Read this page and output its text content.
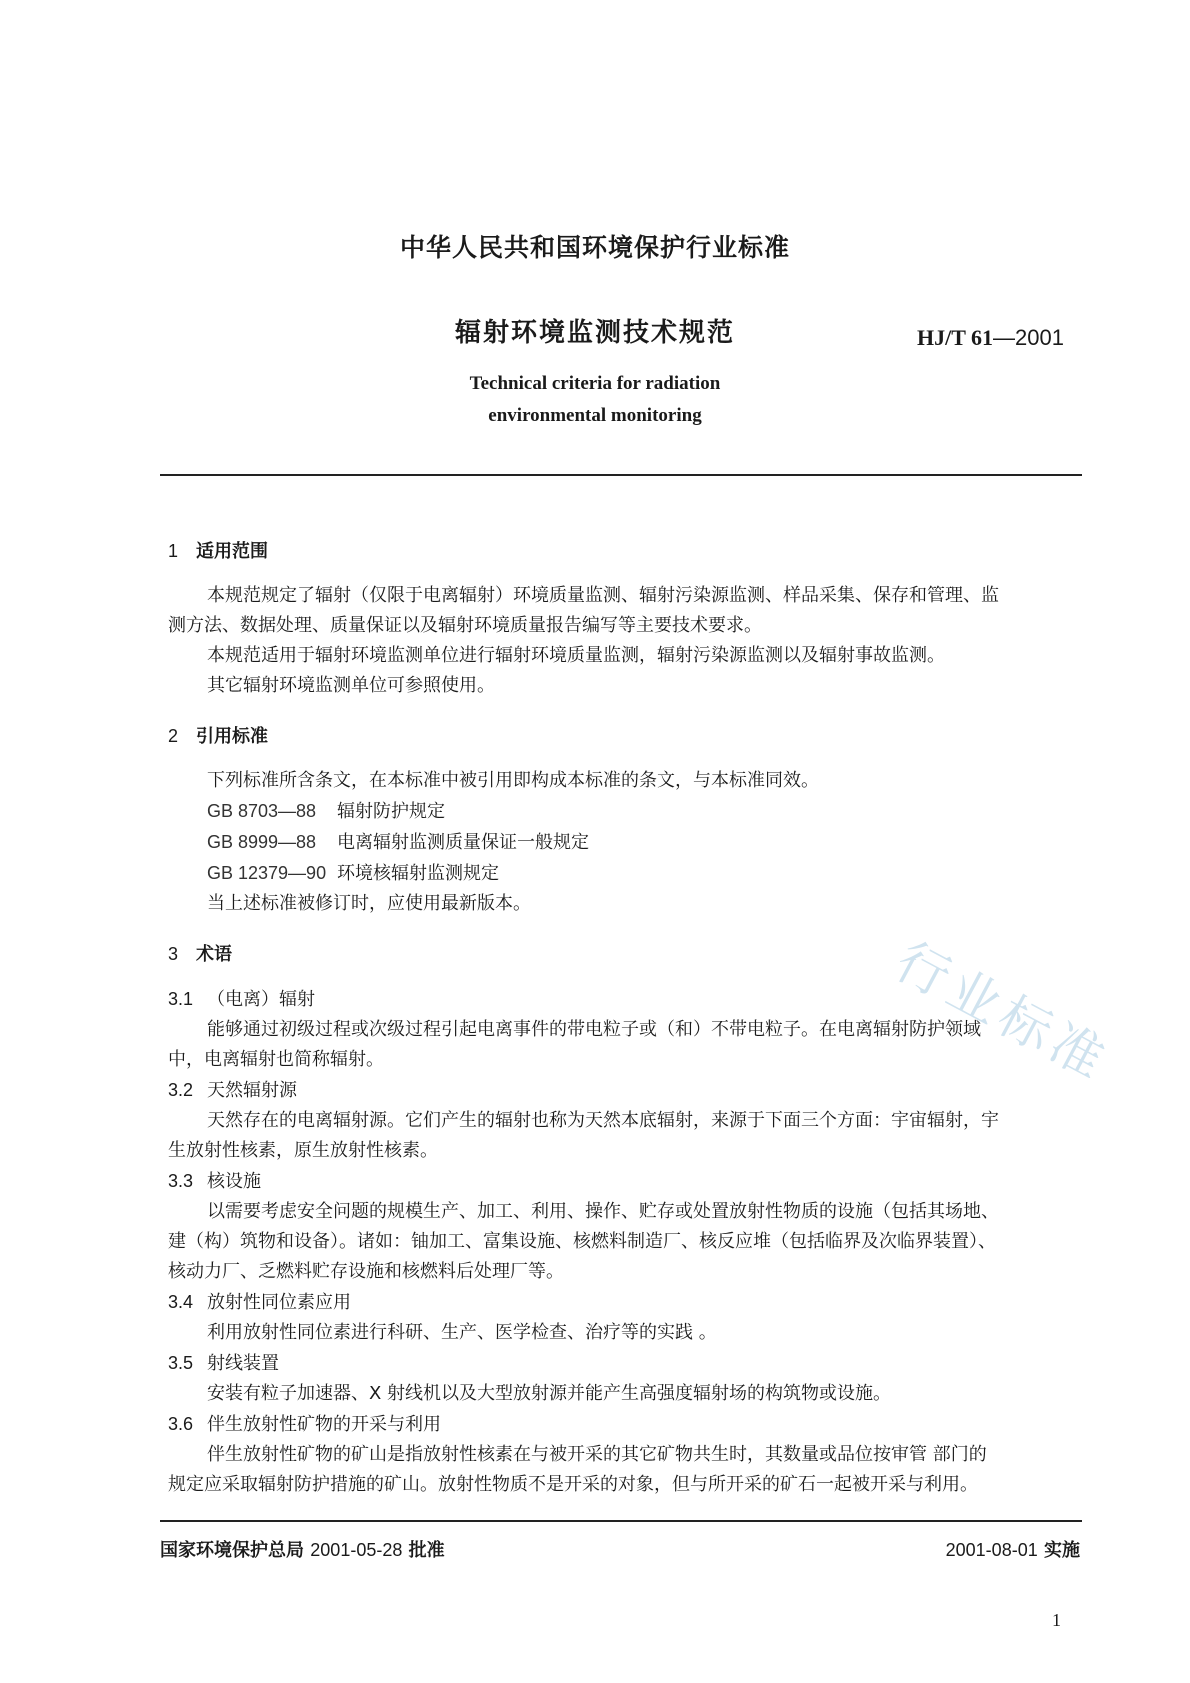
中华人民共和国环境保护行业标准
辐射环境监测技术规范	HJ/T 61—2001
Technical criteria for radiation
environmental monitoring

1 适用范围

本规范规定了辐射（仅限于电离辐射）环境质量监测、辐射污染源监测、样品采集、保存和管理、监

测方法、数据处理、质量保证以及辐射环境质量报告编写等主要技术要求。

本规范适用于辐射环境监测单位进行辐射环境质量监测，辐射污染源监测以及辐射事故监测。

其它辐射环境监测单位可参照使用。

2 引用标准

下列标准所含条文，在本标准中被引用即构成本标准的条文，与本标准同效。

GB 8703—88 辐射防护规定

GB 8999—88 电离辐射监测质量保证一般规定

GB 12379—90 环境核辐射监测规定

当上述标准被修订时，应使用最新版本。

3 术语

3.1 （电离）辐射

能够通过初级过程或次级过程引起电离事件的带电粒子或（和）不带电粒子。在电离辐射防护领域

中，电离辐射也简称辐射。

3.2 天然辐射源

天然存在的电离辐射源。它们产生的辐射也称为天然本底辐射，来源于下面三个方面：宇宙辐射，宇

生放射性核素，原生放射性核素。

3.3 核设施

以需要考虑安全问题的规模生产、加工、利用、操作、贮存或处置放射性物质的设施（包括其场地、

建（构）筑物和设备）。诸如：铀加工、富集设施、核燃料制造厂、核反应堆（包括临界及次临界装置）、

核动力厂、乏燃料贮存设施和核燃料后处理厂等。

3.4 放射性同位素应用

利用放射性同位素进行科研、生产、医学检查、治疗等的实践 。

3.5 射线装置

安装有粒子加速器、X 射线机以及大型放射源并能产生高强度辐射场的构筑物或设施。

3.6 伴生放射性矿物的开采与利用

伴生放射性矿物的矿山是指放射性核素在与被开采的其它矿物共生时，其数量或品位按审管 部门的

规定应采取辐射防护措施的矿山。放射性物质不是开采的对象，但与所开采的矿石一起被开采与利用。

行业标准
国家环境保护总局 2001-05-28 批准	2001-08-01 实施
1
